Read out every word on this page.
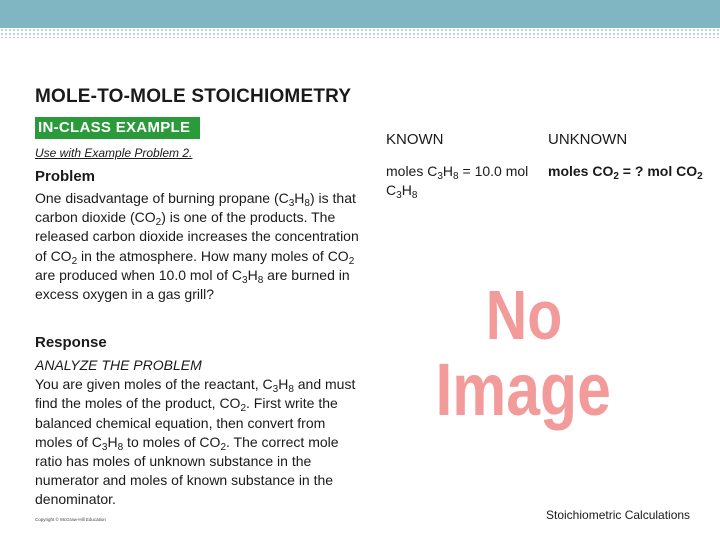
MOLE-TO-MOLE STOICHIOMETRY
IN-CLASS EXAMPLE
Use with Example Problem 2.
Problem
One disadvantage of burning propane $(C_3H_8)$ is that carbon dioxide $(CO_2)$ is one of the products. The released carbon dioxide increases the concentration of $CO_2$ in the atmosphere. How many moles of $CO_2$ are produced when 10.0 mol of $C_3H_8$ are burned in excess oxygen in a gas grill?
Response
ANALYZE THE PROBLEM
You are given moles of the reactant, $C_3H_8$ and must find the moles of the product, $CO_2$. First write the balanced chemical equation, then convert from moles of $C_3H_8$ to moles of $CO_2$. The correct mole ratio has moles of unknown substance in the numerator and moles of known substance in the denominator.
KNOWN	UNKNOWN
moles $C_3H_8 = 10.0$ mol $C_3H_8$
moles $CO_2$ = ? mol $CO_2$
No
Image
Copyright © McGraw-Hill Education	Stoichiometric Calculations
